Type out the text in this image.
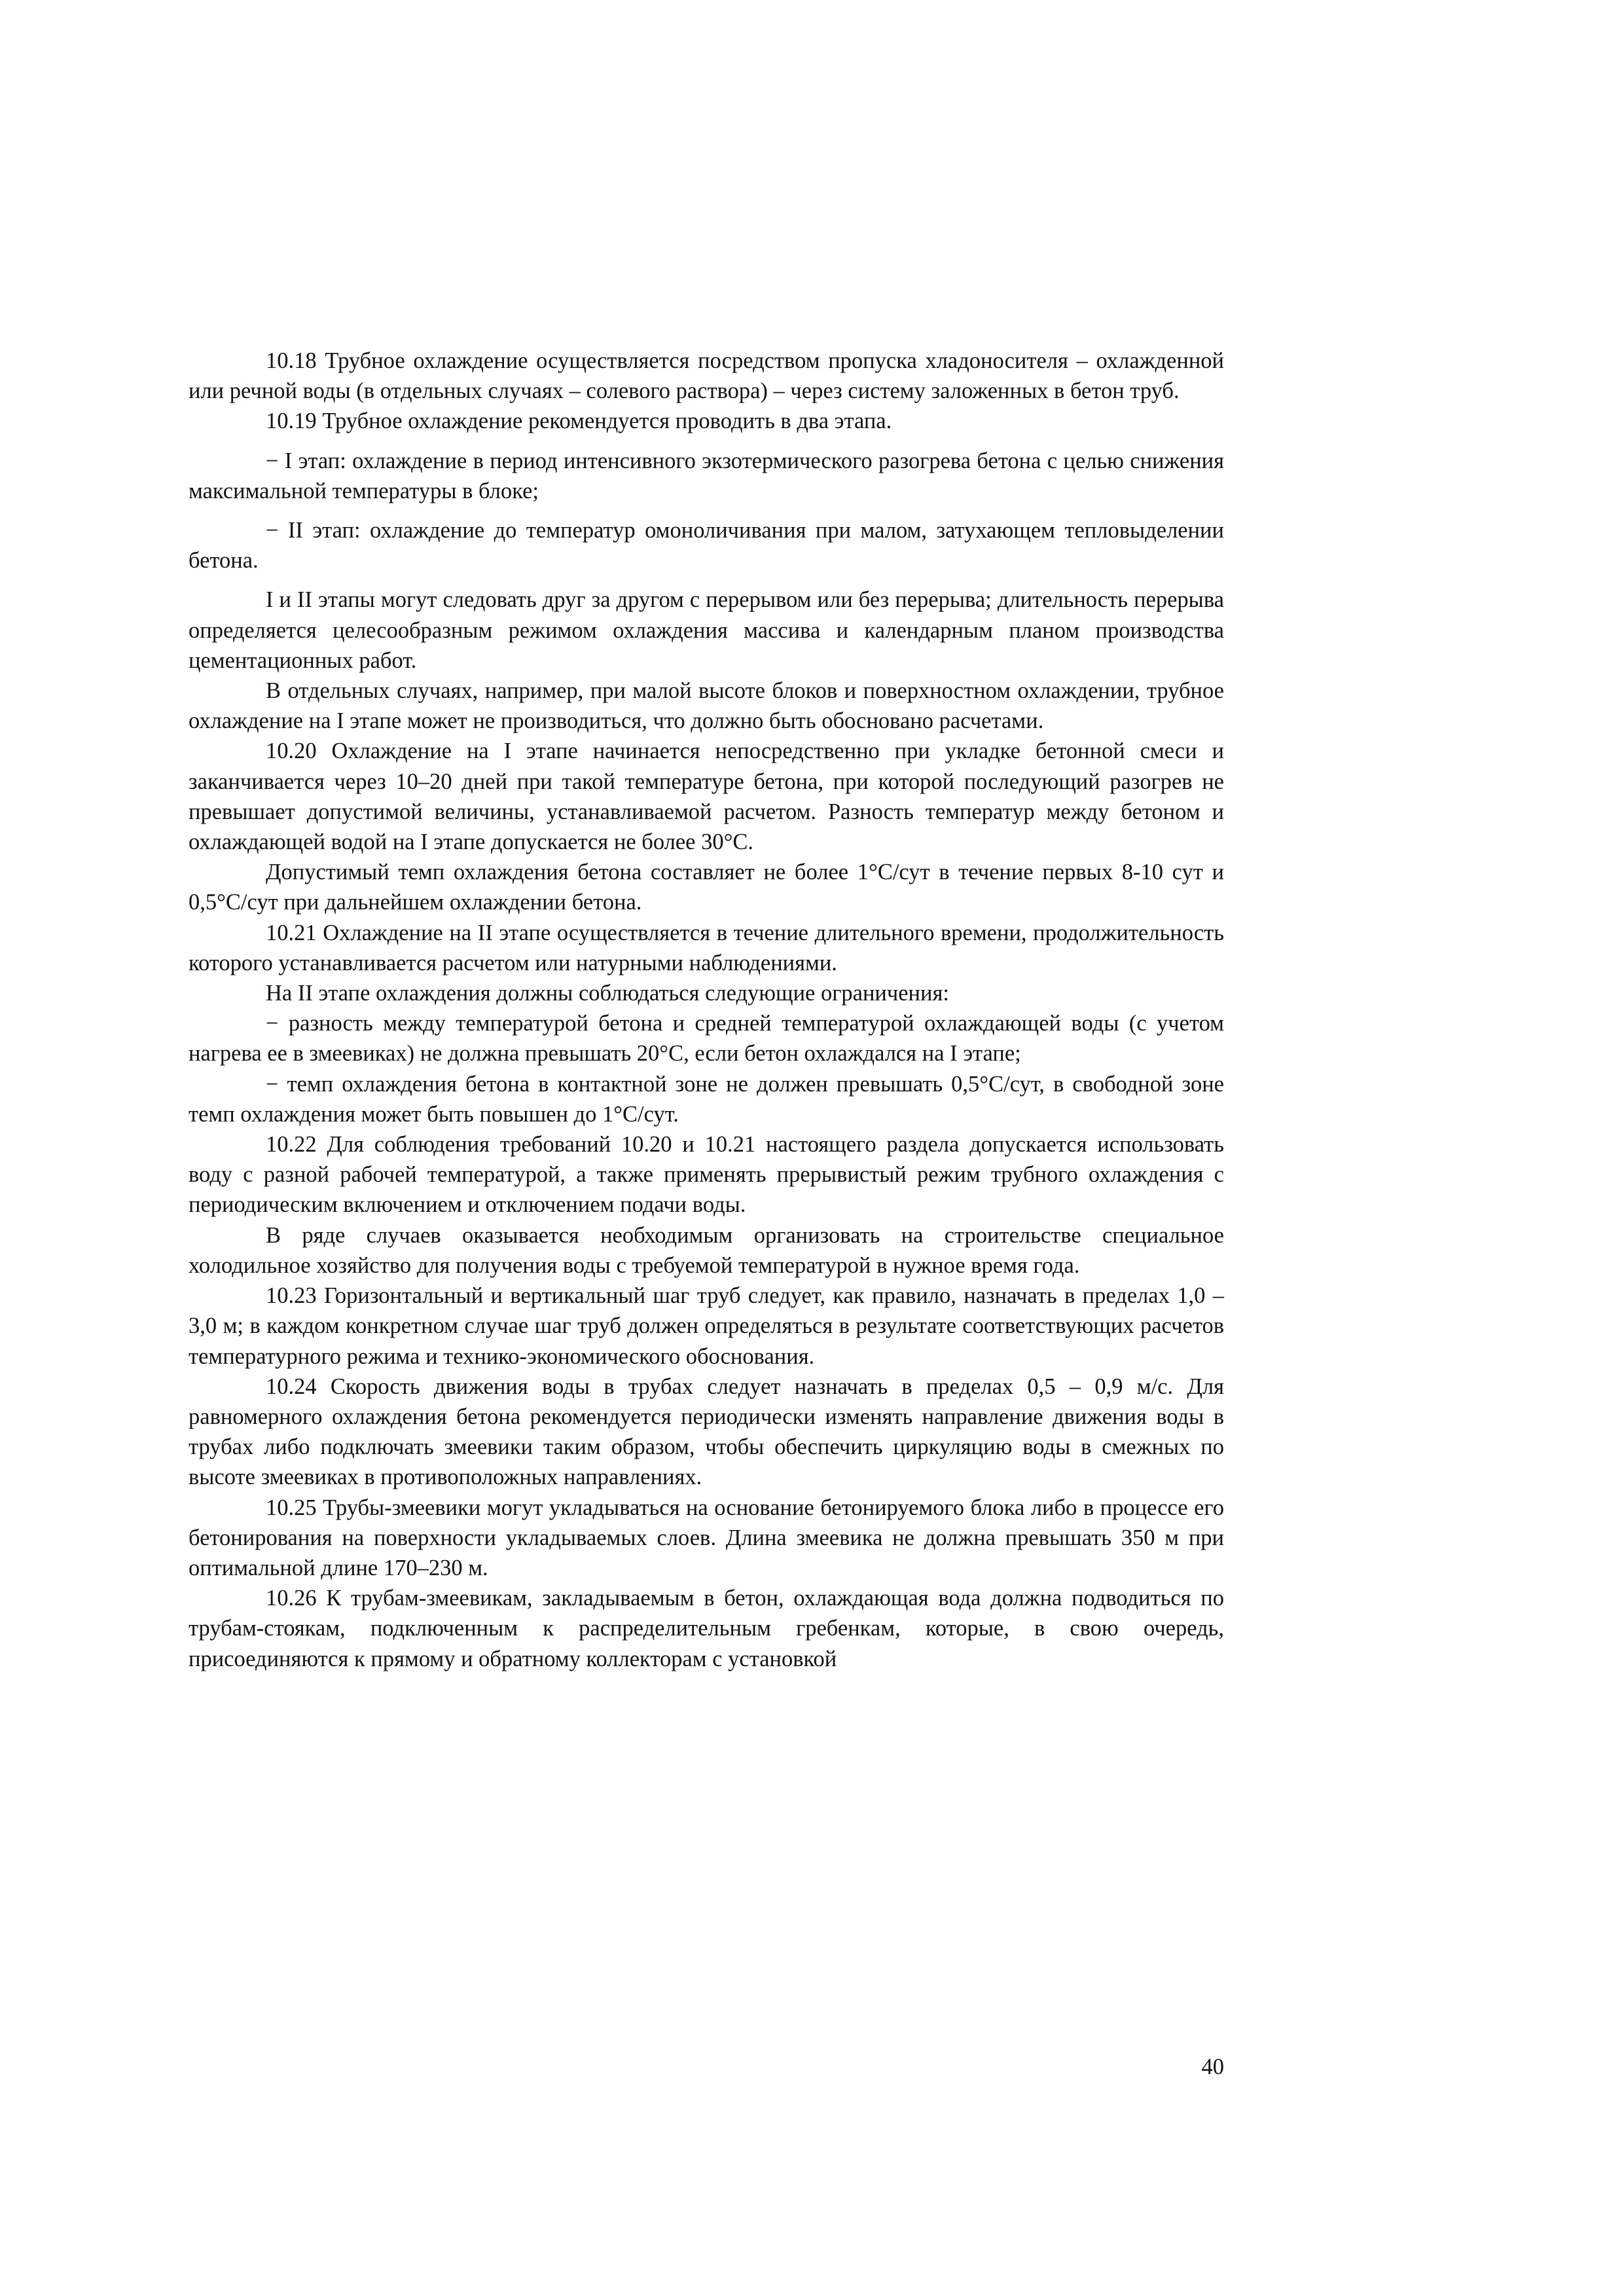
10.18 Трубное охлаждение осуществляется посредством пропуска хладоносителя – охлажденной или речной воды (в отдельных случаях – солевого раствора) – через систему заложенных в бетон труб.

10.19 Трубное охлаждение рекомендуется проводить в два этапа.

− I этап: охлаждение в период интенсивного экзотермического разогрева бетона с целью снижения максимальной температуры в блоке;

− II этап: охлаждение до температур омоноличивания при малом, затухающем тепловыделении бетона.

I и II этапы могут следовать друг за другом с перерывом или без перерыва; длительность перерыва определяется целесообразным режимом охлаждения массива и календарным планом производства цементационных работ.

В отдельных случаях, например, при малой высоте блоков и поверхностном охлаждении, трубное охлаждение на I этапе может не производиться, что должно быть обосновано расчетами.

10.20 Охлаждение на I этапе начинается непосредственно при укладке бетонной смеси и заканчивается через 10–20 дней при такой температуре бетона, при которой последующий разогрев не превышает допустимой величины, устанавливаемой расчетом. Разность температур между бетоном и охлаждающей водой на I этапе допускается не более 30°С.

Допустимый темп охлаждения бетона составляет не более 1°С/сут в течение первых 8-10 сут и 0,5°С/сут при дальнейшем охлаждении бетона.

10.21 Охлаждение на II этапе осуществляется в течение длительного времени, продолжительность которого устанавливается расчетом или натурными наблюдениями.

На II этапе охлаждения должны соблюдаться следующие ограничения:

− разность между температурой бетона и средней температурой охлаждающей воды (с учетом нагрева ее в змеевиках) не должна превышать 20°С, если бетон охлаждался на I этапе;

− темп охлаждения бетона в контактной зоне не должен превышать 0,5°С/сут, в свободной зоне темп охлаждения может быть повышен до 1°С/сут.

10.22 Для соблюдения требований 10.20 и 10.21 настоящего раздела допускается использовать воду с разной рабочей температурой, а также применять прерывистый режим трубного охлаждения с периодическим включением и отключением подачи воды.

В ряде случаев оказывается необходимым организовать на строительстве специальное холодильное хозяйство для получения воды с требуемой температурой в нужное время года.

10.23 Горизонтальный и вертикальный шаг труб следует, как правило, назначать в пределах 1,0 – 3,0 м; в каждом конкретном случае шаг труб должен определяться в результате соответствующих расчетов температурного режима и технико-экономического обоснования.

10.24 Скорость движения воды в трубах следует назначать в пределах 0,5 – 0,9 м/с. Для равномерного охлаждения бетона рекомендуется периодически изменять направление движения воды в трубах либо подключать змеевики таким образом, чтобы обеспечить циркуляцию воды в смежных по высоте змеевиках в противоположных направлениях.

10.25 Трубы-змеевики могут укладываться на основание бетонируемого блока либо в процессе его бетонирования на поверхности укладываемых слоев. Длина змеевика не должна превышать 350 м при оптимальной длине 170–230 м.

10.26 К трубам-змеевикам, закладываемым в бетон, охлаждающая вода должна подводиться по трубам-стоякам, подключенным к распределительным гребенкам, которые, в свою очередь, присоединяются к прямому и обратному коллекторам с установкой

40
